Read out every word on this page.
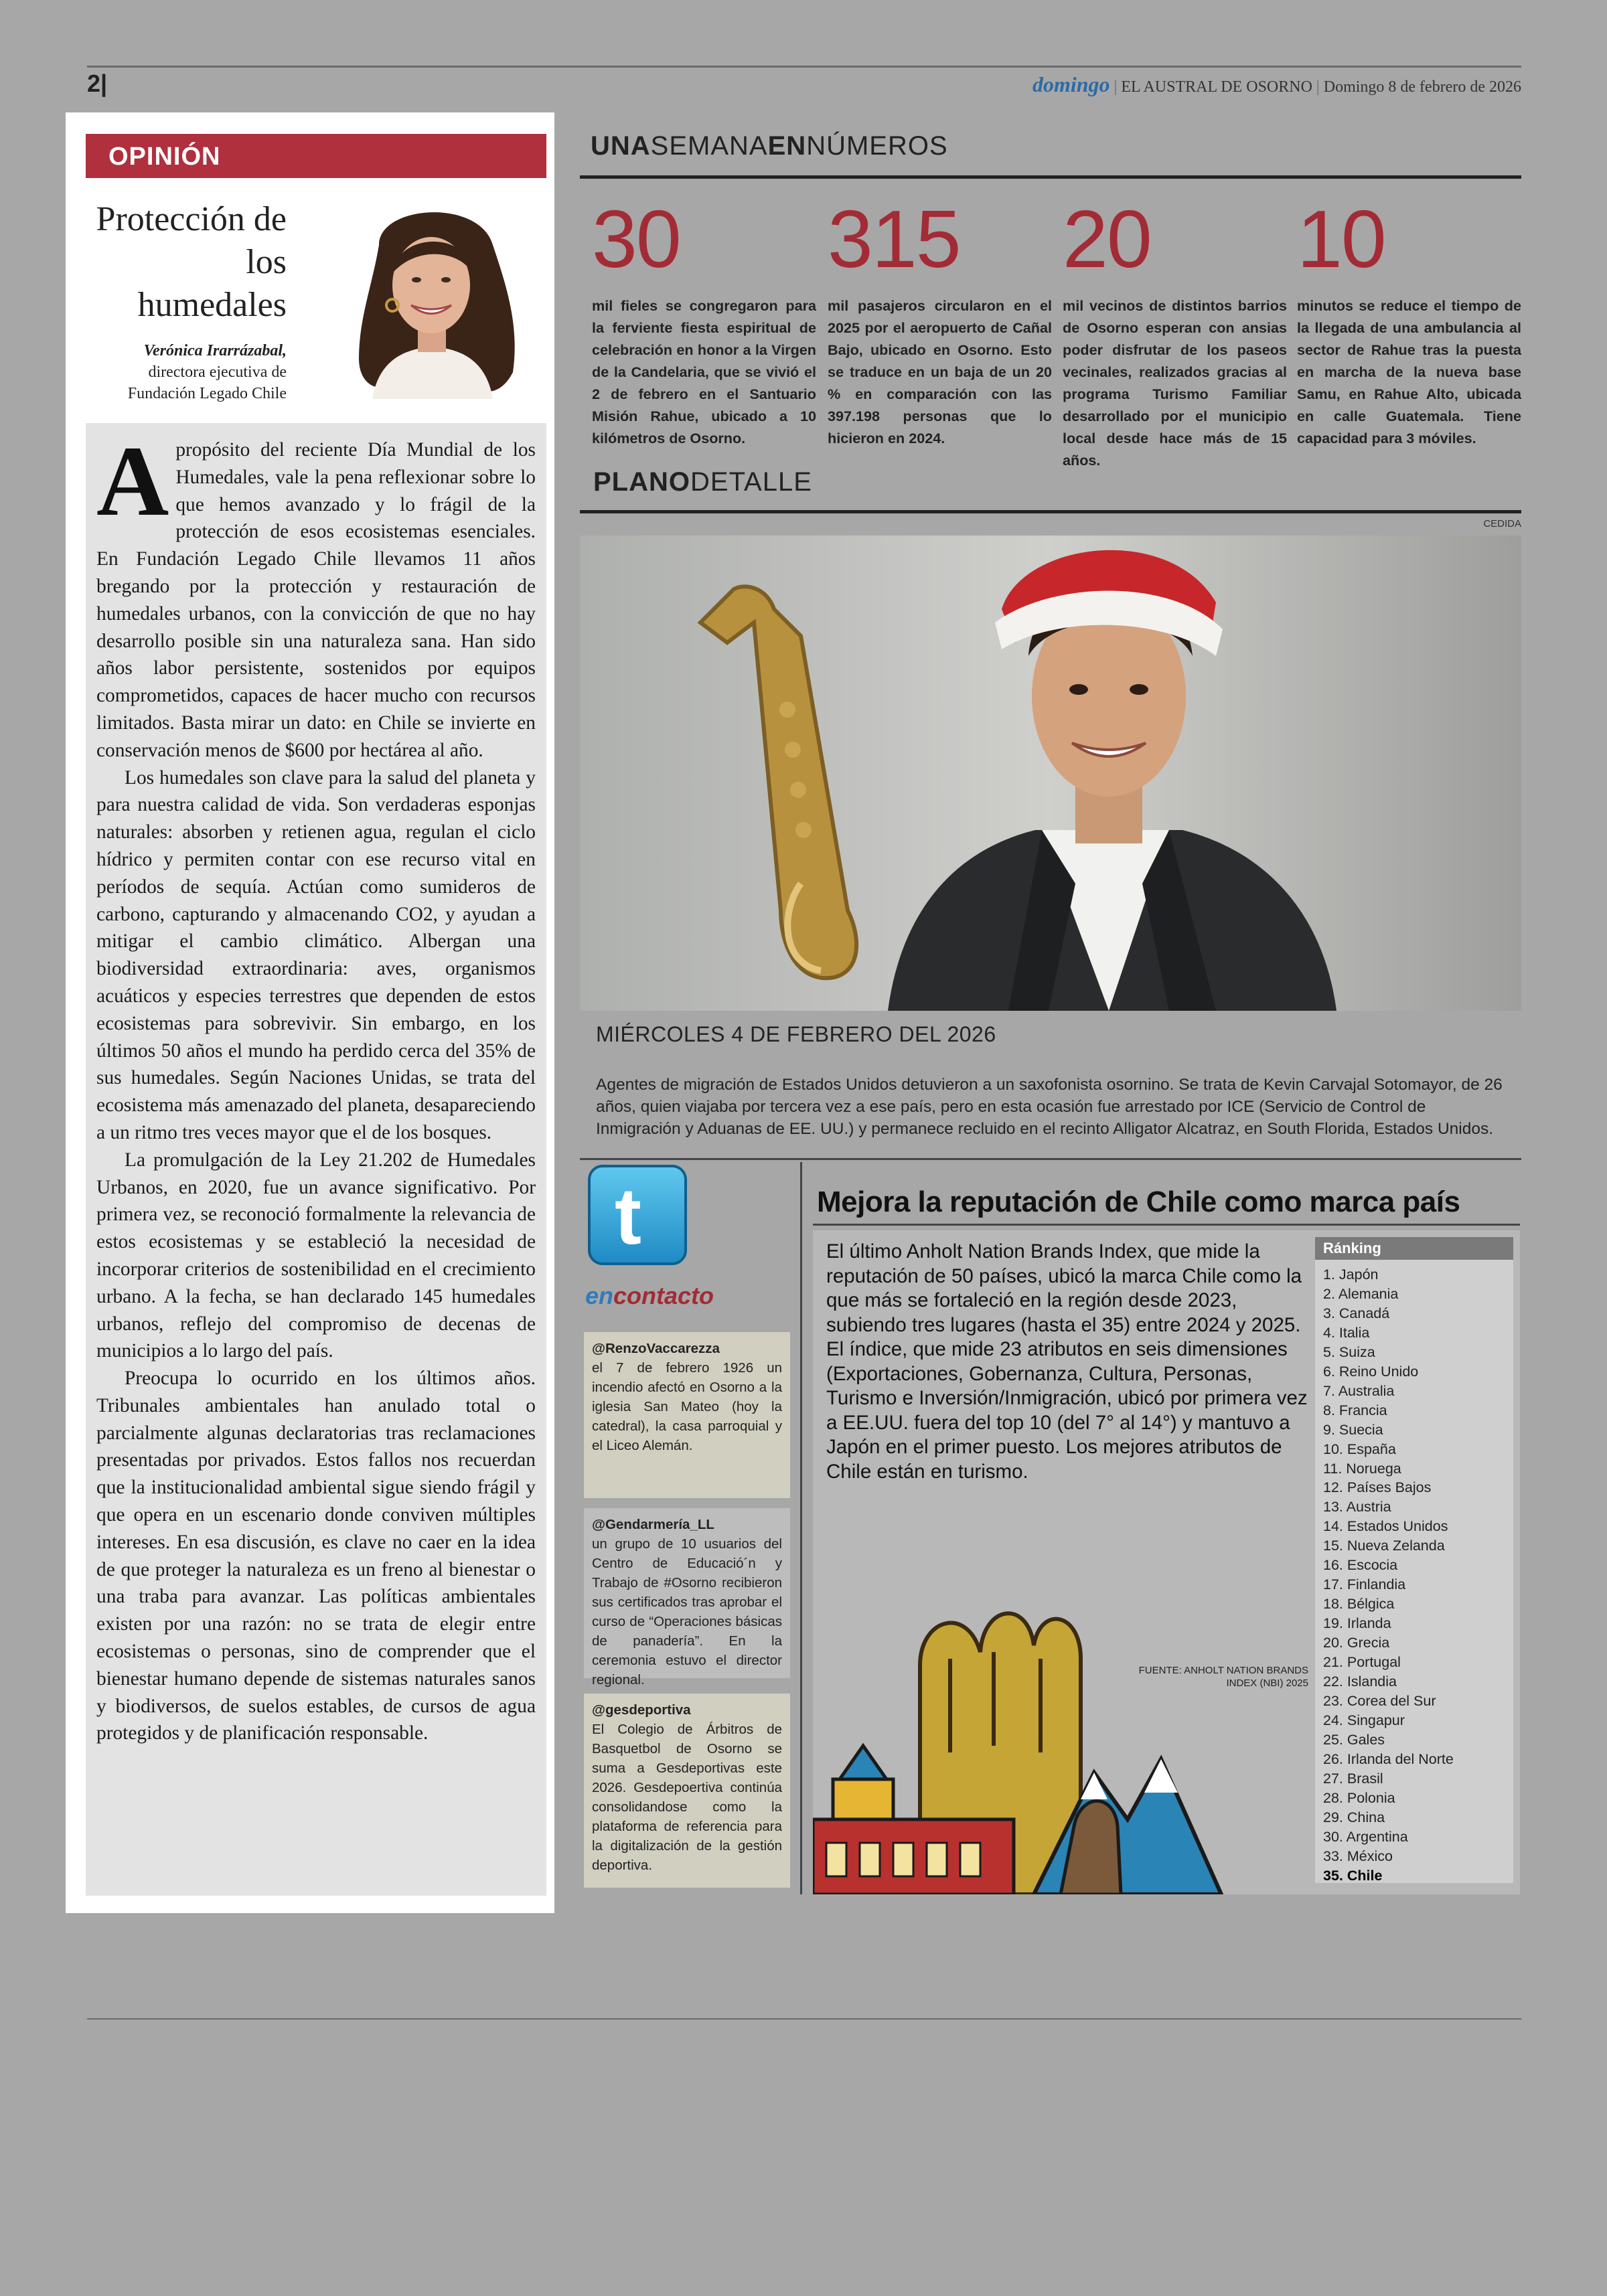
2|	domingo | EL AUSTRAL DE OSORNO | Domingo 8 de febrero de 2026
OPINIÓN
Protección de los humedales
Verónica Irarrázabal,
directora ejecutiva de
Fundación Legado Chile

Apropósito del reciente Día Mundial de los Humedales, vale la pena reflexionar sobre lo que hemos avanzado y lo frágil de la protección de esos ecosistemas esenciales. En Fundación Legado Chile llevamos 11 años bregando por la protección y restauración de humedales urbanos, con la convicción de que no hay desarrollo posible sin una naturaleza sana. Han sido años labor persistente, sostenidos por equipos comprometidos, capaces de hacer mucho con recursos limitados. Basta mirar un dato: en Chile se invierte en conservación menos de $600 por hectárea al año.

Los humedales son clave para la salud del planeta y para nuestra calidad de vida. Son verdaderas esponjas naturales: absorben y retienen agua, regulan el ciclo hídrico y permiten contar con ese recurso vital en períodos de sequía. Actúan como sumideros de carbono, capturando y almacenando CO2, y ayudan a mitigar el cambio climático. Albergan una biodiversidad extraordinaria: aves, organismos acuáticos y especies terrestres que dependen de estos ecosistemas para sobrevivir. Sin embargo, en los últimos 50 años el mundo ha perdido cerca del 35% de sus humedales. Según Naciones Unidas, se trata del ecosistema más amenazado del planeta, desapareciendo a un ritmo tres veces mayor que el de los bosques.

La promulgación de la Ley 21.202 de Humedales Urbanos, en 2020, fue un avance significativo. Por primera vez, se reconoció formalmente la relevancia de estos ecosistemas y se estableció la necesidad de incorporar criterios de sostenibilidad en el crecimiento urbano. A la fecha, se han declarado 145 humedales urbanos, reflejo del compromiso de decenas de municipios a lo largo del país.

Preocupa lo ocurrido en los últimos años. Tribunales ambientales han anulado total o parcialmente algunas declaratorias tras reclamaciones presentadas por privados. Estos fallos nos recuerdan que la institucionalidad ambiental sigue siendo frágil y que opera en un escenario donde conviven múltiples intereses. En esa discusión, es clave no caer en la idea de que proteger la naturaleza es un freno al bienestar o una traba para avanzar. Las políticas ambientales existen por una razón: no se trata de elegir entre ecosistemas o personas, sino de comprender que el bienestar humano depende de sistemas naturales sanos y biodiversos, de suelos estables, de cursos de agua protegidos y de planificación responsable.

UNASEMANAENNÚMEROS
30
mil fieles se congregaron para la ferviente fiesta espiritual de celebración en honor a la Virgen de la Candelaria, que se vivió el 2 de febrero en el Santuario Misión Rahue, ubicado a 10 kilómetros de Osorno.
315
mil pasajeros circularon en el 2025 por el aeropuerto de Cañal Bajo, ubicado en Osorno. Esto se traduce en un baja de un 20 % en comparación con las 397.198 personas que lo hicieron en 2024.
20
mil vecinos de distintos barrios de Osorno esperan con ansias poder disfrutar de los paseos vecinales, realizados gracias al programa Turismo Familiar desarrollado por el municipio local desde hace más de 15 años.
10
minutos se reduce el tiempo de la llegada de una ambulancia al sector de Rahue tras la puesta en marcha de la nueva base Samu, en Rahue Alto, ubicada en calle Guatemala. Tiene capacidad para 3 móviles.
PLANODETALLE
CEDIDA
MIÉRCOLES 4 DE FEBRERO DEL 2026
Agentes de migración de Estados Unidos detuvieron a un saxofonista osornino. Se trata de Kevin Carvajal Sotomayor, de 26 años, quien viajaba por tercera vez a ese país, pero en esta ocasión fue arrestado por ICE (Servicio de Control de Inmigración y Aduanas de EE. UU.) y permanece recluido en el recinto Alligator Alcatraz, en South Florida, Estados Unidos.
t
encontacto
@RenzoVaccarezza
el 7 de febrero 1926 un incendio afectó en Osorno a la iglesia San Mateo (hoy la catedral), la casa parroquial y el Liceo Alemán.
@Gendarmería_LL
un grupo de 10 usuarios del Centro de Educació´n y Trabajo de #Osorno recibieron sus certificados tras aprobar el curso de “Operaciones básicas de panadería”. En la ceremonia estuvo el director regional.
@gesdeportiva
El Colegio de Árbitros de Basquetbol de Osorno se suma a Gesdeportivas este 2026. Gesdepoertiva continúa consolidandose como la plataforma de referencia para la digitalización de la gestión deportiva.
Mejora la reputación de Chile como marca país
El último Anholt Nation Brands Index, que mide la reputación de 50 países, ubicó la marca Chile como la que más se fortaleció en la región desde 2023, subiendo tres lugares (hasta el 35) entre 2024 y 2025. El índice, que mide 23 atributos en seis dimensiones (Exportaciones, Gobernanza, Cultura, Personas, Turismo e Inversión/Inmigración, ubicó por primera vez a EE.UU. fuera del top 10 (del 7° al 14°) y mantuvo a Japón en el primer puesto. Los mejores atributos de Chile están en turismo.
FUENTE: ANHOLT NATION BRANDS
INDEX (NBI) 2025
Ránking
1. Japón
2. Alemania
3. Canadá
4. Italia
5. Suiza
6. Reino Unido
7. Australia
8. Francia
9. Suecia
10. España
11. Noruega
12. Países Bajos
13. Austria
14. Estados Unidos
15. Nueva Zelanda
16. Escocia
17. Finlandia
18. Bélgica
19. Irlanda
20. Grecia
21. Portugal
22. Islandia
23. Corea del Sur
24. Singapur
25. Gales
26. Irlanda del Norte
27. Brasil
28. Polonia
29. China
30. Argentina
33. México
35. Chile
